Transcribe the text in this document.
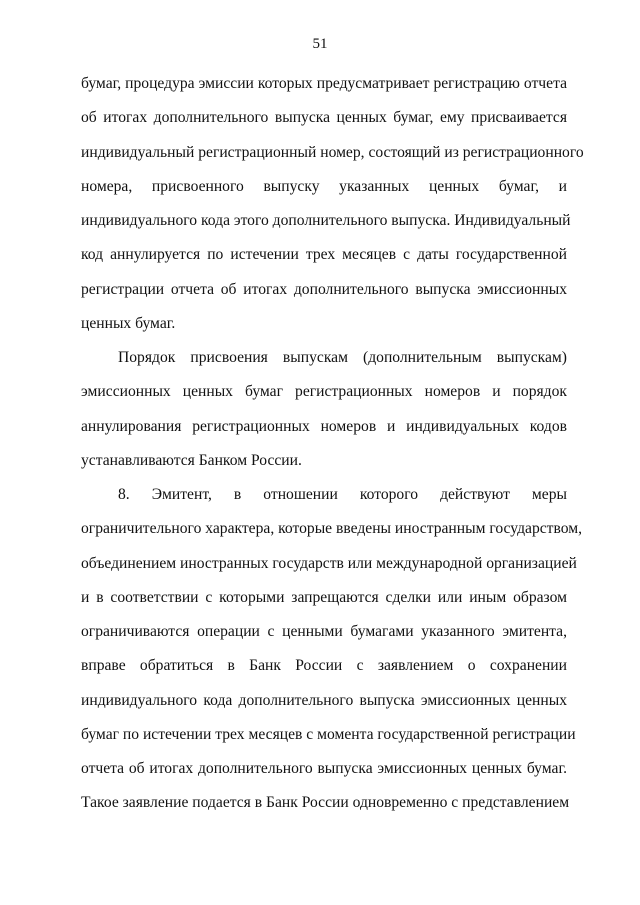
51
бумаг, процедура эмиссии которых предусматривает регистрацию отчета
об итогах дополнительного выпуска ценных бумаг, ему присваивается
индивидуальный регистрационный номер, состоящий из регистрационного
номера, присвоенного выпуску указанных ценных бумаг, и
индивидуального кода этого дополнительного выпуска. Индивидуальный
код аннулируется по истечении трех месяцев с даты государственной
регистрации отчета об итогах дополнительного выпуска эмиссионных
ценных бумаг.
Порядок присвоения выпускам (дополнительным выпускам)
эмиссионных ценных бумаг регистрационных номеров и порядок
аннулирования регистрационных номеров и индивидуальных кодов
устанавливаются Банком России.
8. Эмитент, в отношении которого действуют меры
ограничительного характера, которые введены иностранным государством,
объединением иностранных государств или международной организацией
и в соответствии с которыми запрещаются сделки или иным образом
ограничиваются операции с ценными бумагами указанного эмитента,
вправе обратиться в Банк России с заявлением о сохранении
индивидуального кода дополнительного выпуска эмиссионных ценных
бумаг по истечении трех месяцев с момента государственной регистрации
отчета об итогах дополнительного выпуска эмиссионных ценных бумаг.
Такое заявление подается в Банк России одновременно с представлением
